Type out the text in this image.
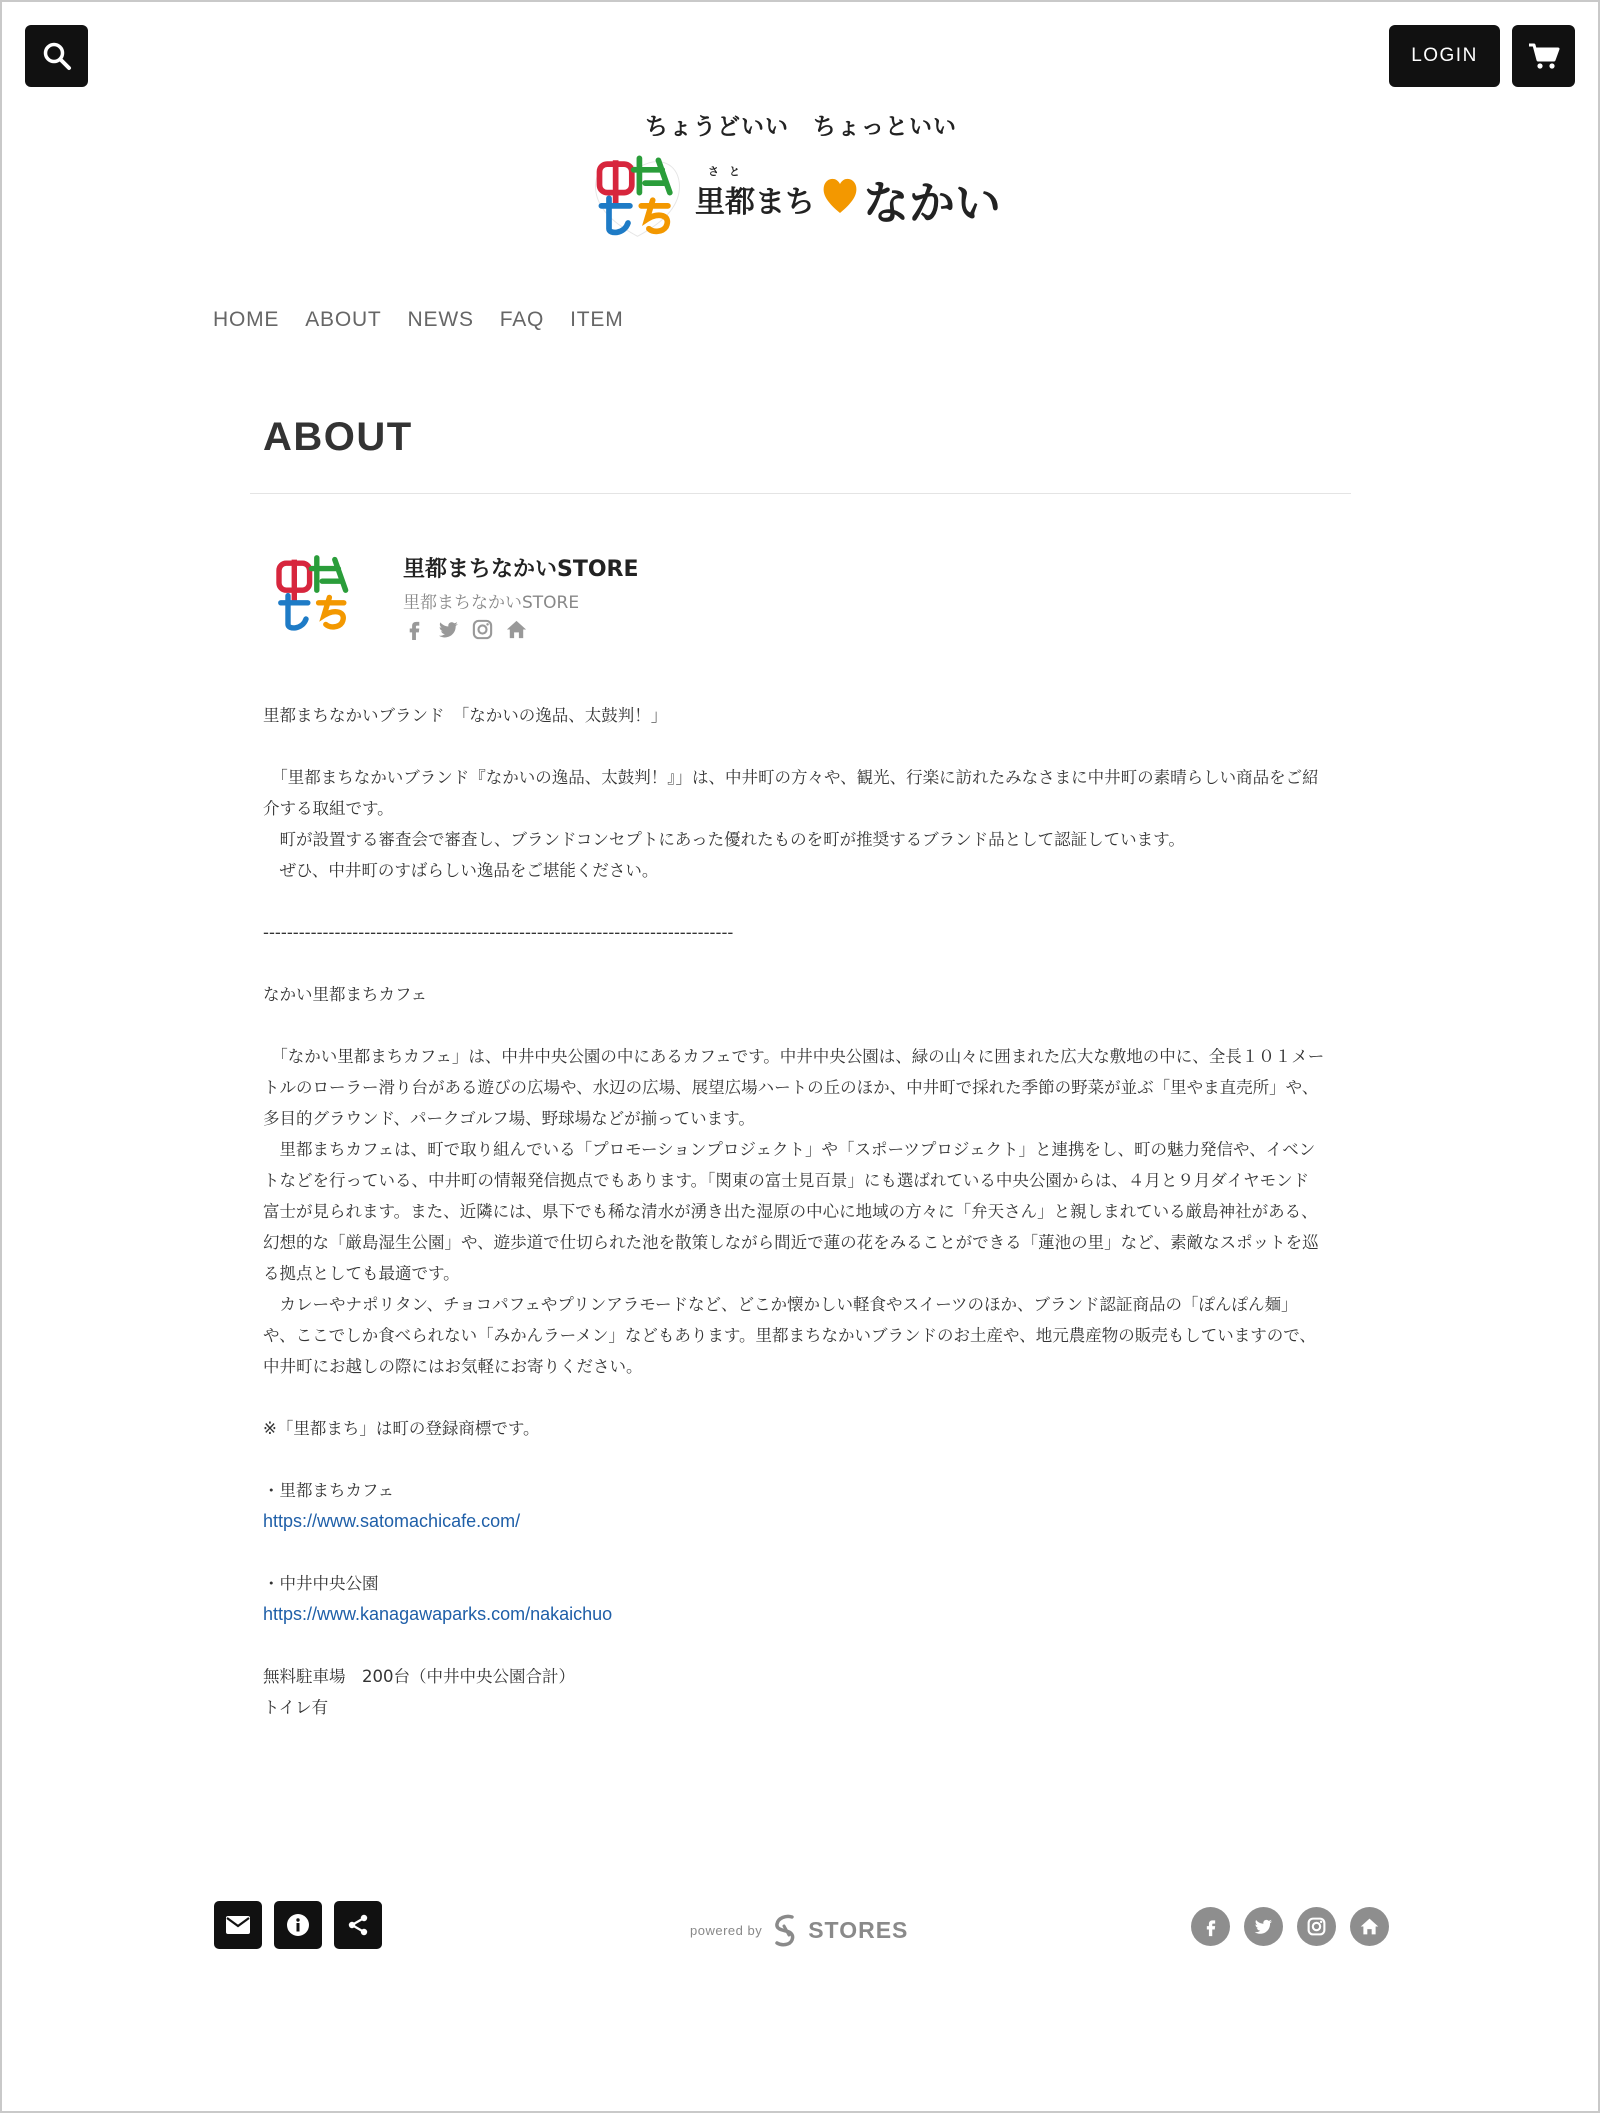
LOGIN
ちょうどいい　ちょっといい
さと
里都まち なかい
HOME ABOUT NEWS FAQ ITEM
ABOUT
里都まちなかいSTORE
里都まちなかいSTORE

里都まちなかいブランド　「なかいの逸品、太鼓判！」

　「里都まちなかいブランド『なかいの逸品、太鼓判！』」は、中井町の方々や、観光、行楽に訪れたみなさまに中井町の素晴らしい商品をご紹介する取組です。
　町が設置する審査会で審査し、ブランドコンセプトにあった優れたものを町が推奨するブランド品として認証しています。
　ぜひ、中井町のすばらしい逸品をご堪能ください。

-------------------------------------------------------------------------------

なかい里都まちカフェ

　「なかい里都まちカフェ」は、中井中央公園の中にあるカフェです。中井中央公園は、緑の山々に囲まれた広大な敷地の中に、全長１０１メートルのローラー滑り台がある遊びの広場や、水辺の広場、展望広場ハートの丘のほか、中井町で採れた季節の野菜が並ぶ「里やま直売所」や、多目的グラウンド、パークゴルフ場、野球場などが揃っています。
　里都まちカフェは、町で取り組んでいる「プロモーションプロジェクト」や「スポーツプロジェクト」と連携をし、町の魅力発信や、イベントなどを行っている、中井町の情報発信拠点でもあります。「関東の富士見百景」にも選ばれている中央公園からは、４月と９月ダイヤモンド富士が見られます。また、近隣には、県下でも稀な清水が湧き出た湿原の中心に地域の方々に「弁天さん」と親しまれている厳島神社がある、幻想的な「厳島湿生公園」や、遊歩道で仕切られた池を散策しながら間近で蓮の花をみることができる「蓮池の里」など、素敵なスポットを巡る拠点としても最適です。
　カレーやナポリタン、チョコパフェやプリンアラモードなど、どこか懐かしい軽食やスイーツのほか、ブランド認証商品の「ぽんぽん麺」や、ここでしか食べられない「みかんラーメン」などもあります。里都まちなかいブランドのお土産や、地元農産物の販売もしていますので、中井町にお越しの際にはお気軽にお寄りください。

※「里都まち」は町の登録商標です。

・里都まちカフェ

https://www.satomachicafe.com/

・中井中央公園

https://www.kanagawaparks.com/nakaichuo

無料駐車場　200台（中井中央公園合計）

トイレ有

powered by STORES
